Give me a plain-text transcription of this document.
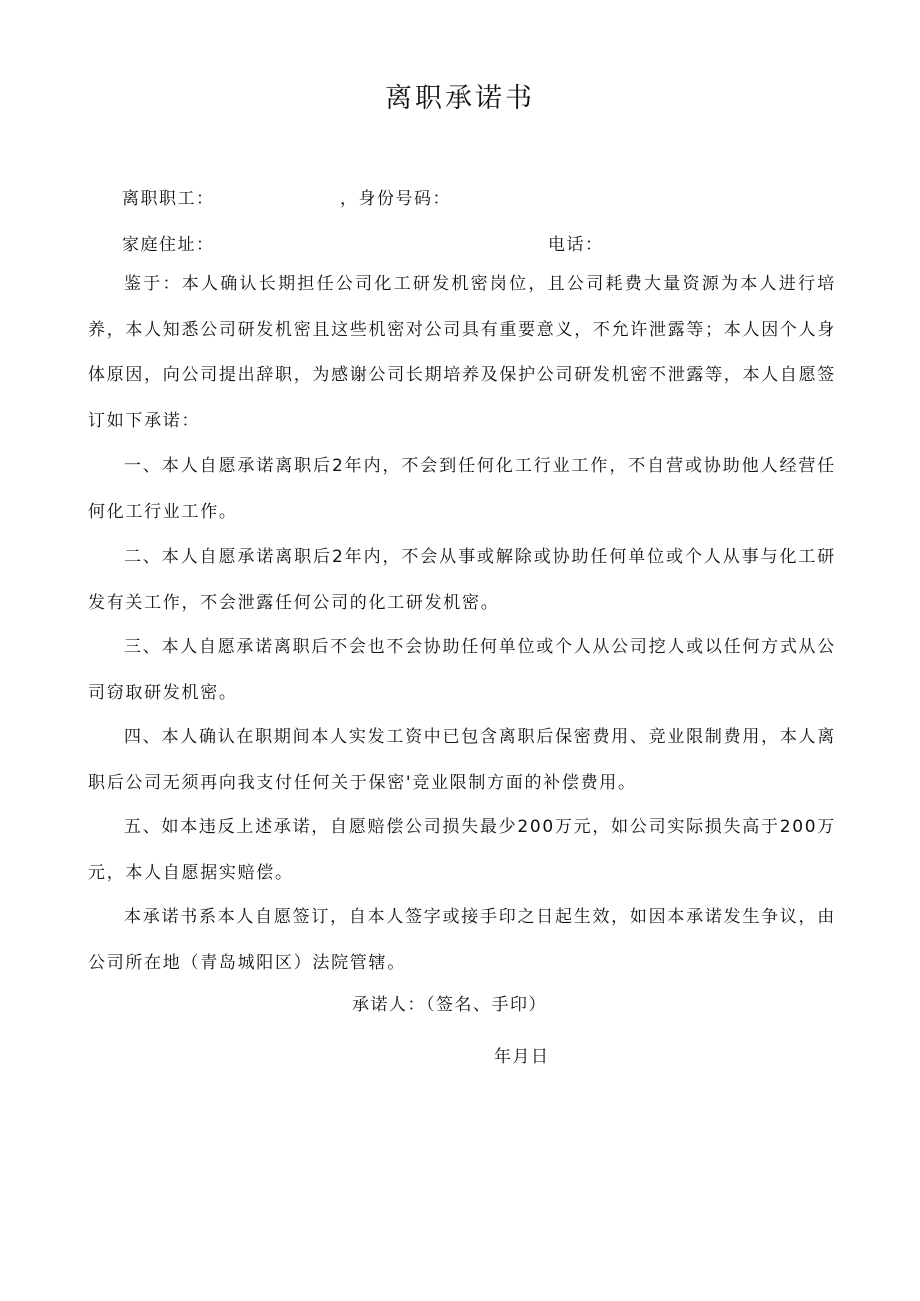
离职承诺书
离职职工：	，身份号码：
家庭住址：	电话：

鉴于：本人确认长期担任公司化工研发机密岗位，且公司耗费大量资源为本人进行培养，本人知悉公司研发机密且这些机密对公司具有重要意义，不允许泄露等；本人因个人身体原因，向公司提出辞职，为感谢公司长期培养及保护公司研发机密不泄露等，本人自愿签订如下承诺：

一、本人自愿承诺离职后2年内，不会到任何化工行业工作，不自营或协助他人经营任何化工行业工作。

二、本人自愿承诺离职后2年内，不会从事或解除或协助任何单位或个人从事与化工研发有关工作，不会泄露任何公司的化工研发机密。

三、本人自愿承诺离职后不会也不会协助任何单位或个人从公司挖人或以任何方式从公司窃取研发机密。

四、本人确认在职期间本人实发工资中已包含离职后保密费用、竞业限制费用，本人离职后公司无须再向我支付任何关于保密'竞业限制方面的补偿费用。

五、如本违反上述承诺，自愿赔偿公司损失最少200万元，如公司实际损失高于200万元，本人自愿据实赔偿。

本承诺书系本人自愿签订，自本人签字或接手印之日起生效，如因本承诺发生争议，由公司所在地（青岛城阳区）法院管辖。

承诺人：（签名、手印）
年月日
